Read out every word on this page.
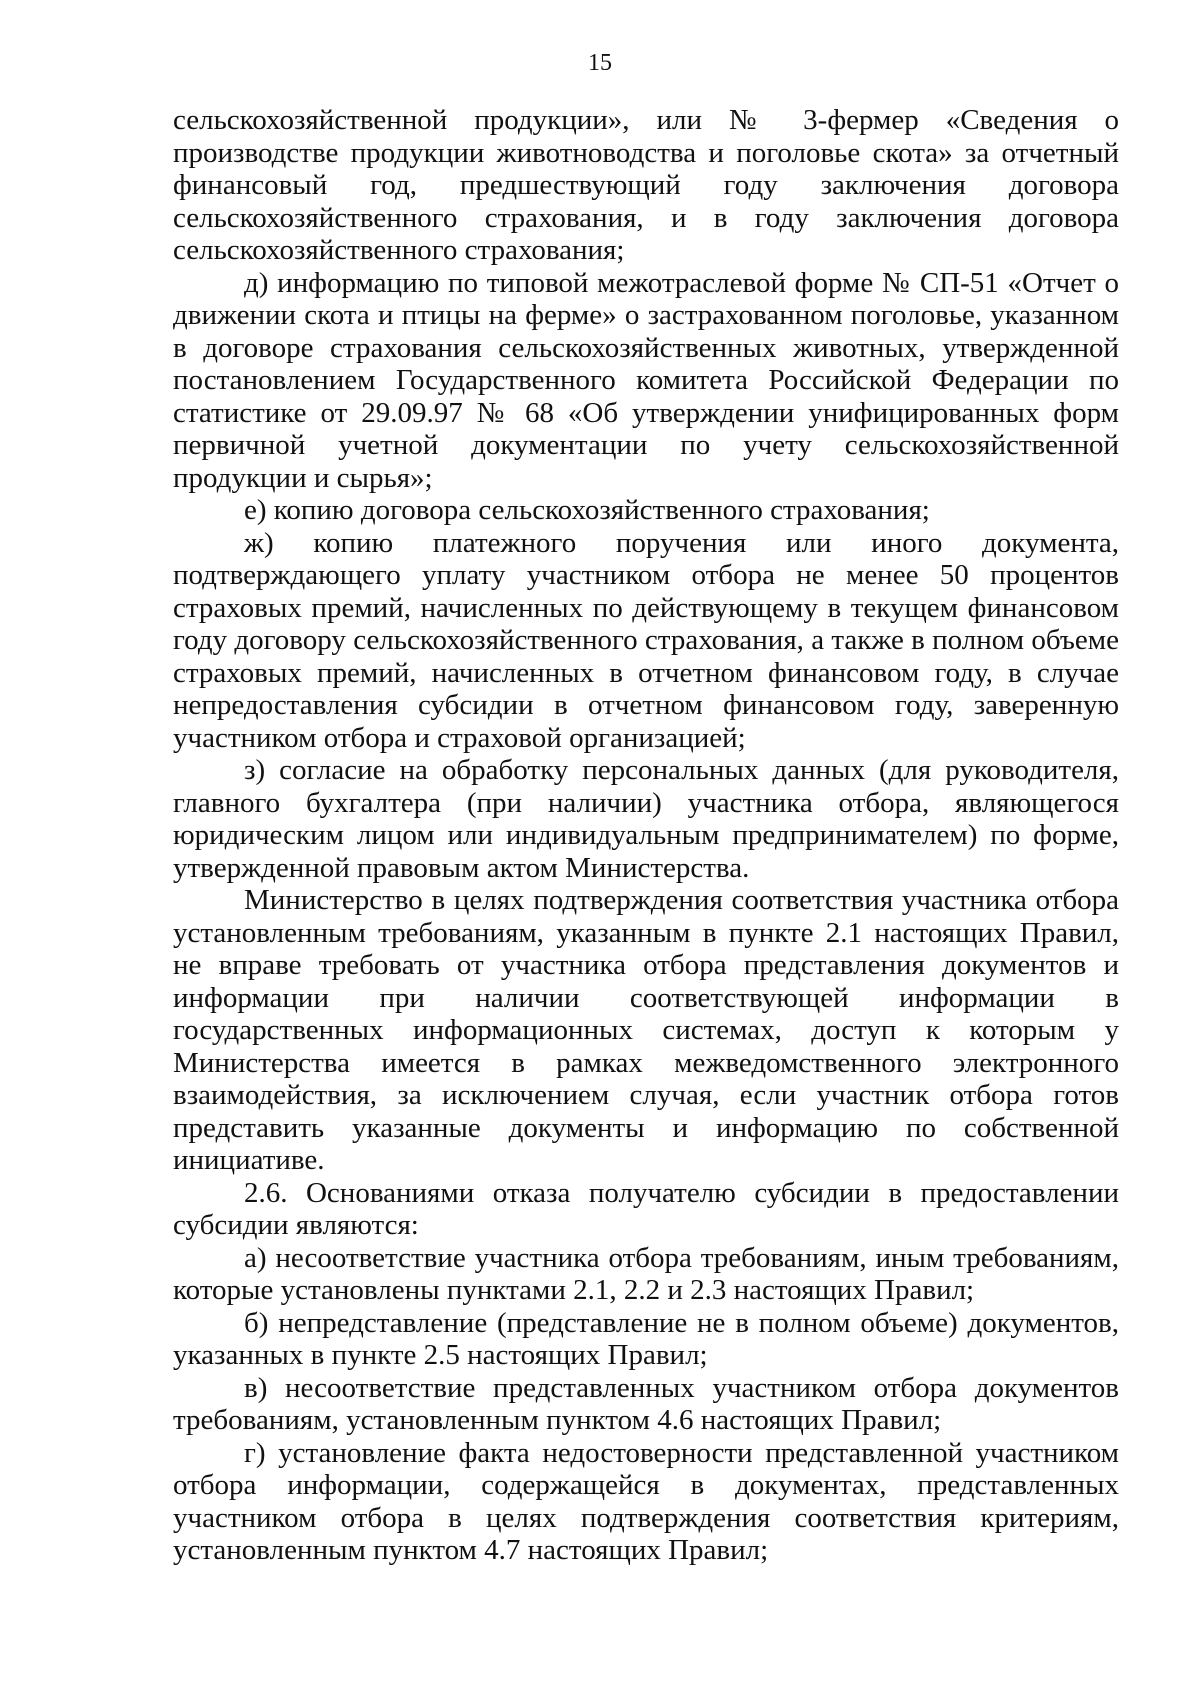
15

сельскохозяйственной продукции», или № 3-фермер «Сведения о производстве продукции животноводства и поголовье скота» за отчетный финансовый год, предшествующий году заключения договора сельскохозяйственного страхования, и в году заключения договора сельскохозяйственного страхования;

д) информацию по типовой межотраслевой форме № СП-51 «Отчет о движении скота и птицы на ферме» о застрахованном поголовье, указанном в договоре страхования сельскохозяйственных животных, утвержденной постановлением Государственного комитета Российской Федерации по статистике от 29.09.97 № 68 «Об утверждении унифицированных форм первичной учетной документации по учету сельскохозяйственной продукции и сырья»;

е) копию договора сельскохозяйственного страхования;

ж) копию платежного поручения или иного документа, подтверждающего уплату участником отбора не менее 50 процентов страховых премий, начисленных по действующему в текущем финансовом году договору сельскохозяйственного страхования, а также в полном объеме страховых премий, начисленных в отчетном финансовом году, в случае непредоставления субсидии в отчетном финансовом году, заверенную участником отбора и страховой организацией;

з) согласие на обработку персональных данных (для руководителя, главного бухгалтера (при наличии) участника отбора, являющегося юридическим лицом или индивидуальным предпринимателем) по форме, утвержденной правовым актом Министерства.

Министерство в целях подтверждения соответствия участника отбора установленным требованиям, указанным в пункте 2.1 настоящих Правил, не вправе требовать от участника отбора представления документов и информации при наличии соответствующей информации в государственных информационных системах, доступ к которым у Министерства имеется в рамках межведомственного электронного взаимодействия, за исключением случая, если участник отбора готов представить указанные документы и информацию по собственной инициативе.

2.6. Основаниями отказа получателю субсидии в предоставлении субсидии являются:

а) несоответствие участника отбора требованиям, иным требованиям, которые установлены пунктами 2.1, 2.2 и 2.3 настоящих Правил;

б) непредставление (представление не в полном объеме) документов, указанных в пункте 2.5 настоящих Правил;

в) несоответствие представленных участником отбора документов требованиям, установленным пунктом 4.6 настоящих Правил;

г) установление факта недостоверности представленной участником отбора информации, содержащейся в документах, представленных участником отбора в целях подтверждения соответствия критериям, установленным пунктом 4.7 настоящих Правил;
